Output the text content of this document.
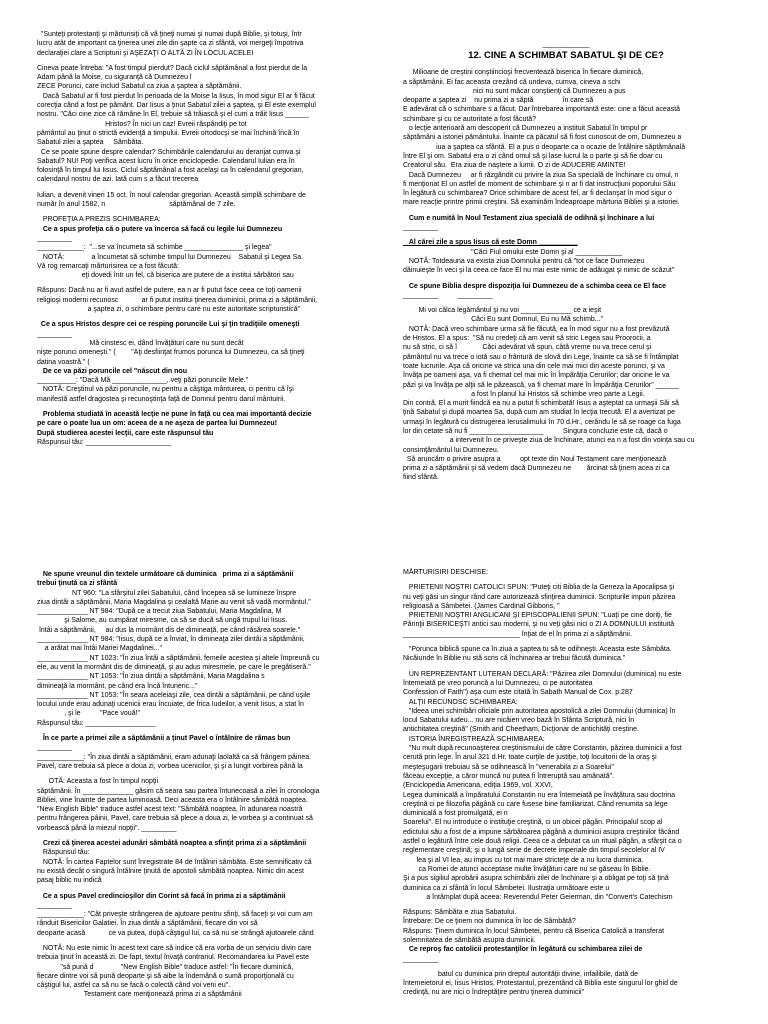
"Sunteţi protestanţi şi mărturisiţi că vă ţineţi numai şi numai după Biblie, şi totuşi, într
lucru atât de important ca ţinerea unei zile din şapte ca zi sfântă, voi mergeţi împotriva
declaraţiei clare a Scripturii şi AŞEZAŢI O ALTĂ ZI ÎN LOCUL ACELEI
Cineva poate întreba: "A fost timpul pierdut? Dacă ciclul săptămânal a fost pierdut de la
Adam până la Moise, cu siguranţă că Dumnezeu l
ZECE Porunci, care includ Sabatul ca ziua a şaptea a săptămânii.
Dacă Sabatul ar fi fost pierdut în perioada de la Moise la Iisus, în mod sigur El ar fi făcut
corecţia când a fost pe pământ. Dar Iisus a ţinut Sabatul zilei a şaptea, şi El este exemplul
nostru. "Căci cine zice că rămâne în El, trebuie să trăiască şi el cum a trăit Iisus ______
Hristos? În nici un caz! Evreii răspândiţi pe tot
pământul au ţinut o strictă evidenţă a timpului. Evreii ortodocşi se mai închină încă în
Sabatul zilei a şaptea     Sâmbăta.
Ce se poate spune despre calendar? Schimbările calendarului au deranjat cumva şi
Sabatul? NU! Poţi verifica acest lucru în orice enciclopedie. Calendarul Iulian era în
folosinţă în timpul lui Iisus. Ciclul săptămânal a fost acelaşi ca în calendarul gregorian,
calendarul nostru de azi. Iată cum s a făcut trecerea
Iulian, a devenit vineri 15 oct. în noul calendar gregorian. Această simplă schimbare de
număr în anul 1582, n                                 săptămânal de 7 zile.
PROFEŢIA A PREZIS SCHIMBAREA:
Ce a spus profeţia că o putere va încerca să facă cu legile lui Dumnezeu
_________
____________:  "...se va încumeta să schimbe _______________ şi legea"
NOTĂ:              a încumetat să schimbe timpul lui Dumnezeu    Sabatul şi Legea Sa.
Vă rog remarcaţi mărturisirea ce a fost făcută:
eţi dovedi într un fel, că biserica are putere de a institui sărbători sau
Răspuns: Dacă nu ar fi avut astfel de putere, ea n ar fi putut face ceea ce toţi oamenii
religioşi moderni recunosc            ar fi putut institui ţinerea duminicii, prima zi a săptămânii,
a şaptea zi, o schimbare pentru care nu este autoritate scripturistică"
Ce a spus Hristos despre cei ce resping poruncile Lui şi ţin tradiţiile omeneşti
_________
Mă cinstesc ei, dând învăţături care nu sunt decât
nişte porunci omeneşti." (        "Aţi desfiinţat frumos porunca lui Dumnezeu, ca să ţineţi
datina voastră." (
De ce va păzi poruncile cel "născut din nou
__________: "Dacă Mă ______________, veţi păzi poruncile Mele."
NOTĂ: Creştinul va păzi poruncile, nu pentru a câştiga mântuirea, ci pentru că îşi
manifestă astfel dragostea şi recunoştinţa faţă de Domnul pentru darul mântuirii.
Problema studiată în această lecţie ne pune în faţă cu cea mai importantă decizie
pe care o poate lua un om: aceea de a ne aşeza de partea lui Dumnezeu!
După studierea acestei lecţii, care este răspunsul tău
Răspunsul tău: ______________________
____________
12. CINE A SCHIMBAT SABATUL ŞI DE CE?
Milioane de creştini conştiincioşi frecventează biserica în fiecare duminică,
a săptămânii. Ei fac aceasta crezând că undeva, cumva, cineva a schi
nici nu sunt măcar conştienţi că Dumnezeu a pus
deoparte a şaptea zi    nu prima zi a săptă               în care să
E adevărat că o schimbare s a făcut. Dar întrebarea importantă este: cine a făcut această
schimbare şi cu ce autoritate a fost făcută?
o lecţie anterioară am descoperit că Dumnezeu a instituit Sabatul în timpul pr
săptămâni a istoriei pământului. Înainte ca păcatul să fi fost cunoscut de om, Dumnezeu a
iua a şaptea ca sfântă. El a pus o deoparte ca o ocazie de întâlnire săptămânală
între El şi om. Sabatul era o zi când omul să şi lase lucrul la o parte şi să fie doar cu
Creatorul său.  Era ziua de naştere a lumii. O zi de ADUCERE AMINTE!
Dacă Dumnezeu     ar fi răzgândit cu privire la ziua Sa specială de închinare cu omul, n
fi menţionat El un astfel de moment de schimbare şi n ar fi dat instrucţiuni poporului Său
în legătură cu schimbarea? Orice schimbare de acest fel, ar fi declanşat în mod sigur o
mare reacţie printre primii creştini. Să examinăm îndeaproape mărturia Bibliei şi a istoriei.
Cum e numită în Noul Testament ziua specială de odihnă şi închinare a lui
_________
Al cărei zile a spus Iisus că este Domn __________
"Căci Fiul omului este Domn şi al ____________
NOTĂ: Totdeauna va exista ziua Domnului pentru că "tot ce face Dumnezeu
dăinuieşte în veci şi la ceea ce face El nu mai este nimic de adăugat şi nimic de scăzut"
Ce spune Biblia despre dispoziţia lui Dumnezeu de a schimba ceea ce El face
_________          _________
Mi voi călca legământul şi nu voi _____________ ce a ieşit
Căci Eu sunt Domnul, Eu nu Mă schimb..."
NOTĂ: Dacă vreo schimbare urma să fie făcută, ea în mod sigur nu a fost prevăzută
de Hristos. El a spus:  "Să nu credeţi că am venit să stric Legea sau Proorocii, a
nu să stric, ci să î             Căci adevărat vă spun, câtă vreme nu va trece cerul şi
pământul nu va trece o iotă sau o frântură de slovă din Lege, înainte ca să se fi întâmplat
toate lucrurile. Aşa că oricine va strica una din cele mai mici din aceste porunci, şi va
învăţa pe oameni aşa, va fi chemat cel mai mic în Împărăţia Cerurilor; dar oricine le va
păzi şi va învăţa pe alţii să le păzească, va fi chemat mare în Împărăţia Cerurilor" ______
a fost în planul lui Hristos să schimbe vreo parte a Legii.
Din contră, El a murit fiindcă ea nu a putut fi schimbată! Iisus a aşteptat ca urmaşii Săi să
ţină Sabatul şi după moartea Sa, după cum am studiat în lecţia trecută: El a avertizat pe
urmaşi în legătură cu distrugerea Ierusalimului în 70 d.Hr., cerându le să se roage ca fuga
lor din cetate să nu fi ___________________          Singura concluzie este că, dacă o
a intervenit în ce priveşte ziua de închinare, atunci ea n a fost din voinţa sau cu
consimţământul lui Dumnezeu.
Să aruncăm o privire asupra a          opt texte din Noul Testament care menţionează
prima zi a săptămânii şi să vedem dacă Dumnezeu ne        ărcinat să ţinem acea zi ca
fiind sfântă.
Ne spune vreunul din textele următoare că duminica   prima zi a săptămânii
trebui ţinută ca zi sfântă
NT 960: "La sfârşitul zilei Sabatului, când începea să se lumineze înspre
ziua dintâi a săptămânii, Maria Magdalina şi cealaltă Marie au venit să vadă mormântul."
_____________ NT 984: "După ce a trecut ziua Sabatului, Maria Magdalina, M
şi Salome, au cumpărat miresme, ca să se ducă să ungă trupul lui Iisus.
întâi a săptămânii,     au dus la mormânt dis de dimineaţă, pe când răsărea soarele."
_____________ NT 984: "Iisus, după ce a înviat, în dimineaţa zilei dintâi a săptămânii,
a arătat mai întâi Mariei Magdalinei..."
_____________ NT 1023: "În ziua întâi a săptămânii, femeile acestea şi altele împreună cu
ele, au venit la mormânt dis de dimineaţă, şi au adus miresmele, pe care le pregătiseră."
_____________ NT 1053: "În ziua dintâi a săptămânii, Maria Magdalina s
dimineaţă la mormânt, pe când era încă întuneric..."
_____________ NT 1053: "În seara aceleiaşi zile, cea dintâi a săptămânii, pe când uşile
locului unde erau adunaţi ucenicii erau încuiate, de frica Iudeilor, a venit Iisus, a stat în
, şi le          "Pace vouă!"
Răspunsul tău: __________________
În ce parte a primei zile a săptămânii a ţinut Pavel o întâlnire de rămas bun
_________
____________: "În ziua dintâi a săptămânii, eram adunaţi laolaltă ca să frângem pâinea.
Pavel, care trebuia să plece a doua zi, vorbea ucenicilor, şi şi a lungit vorbirea până la
OTĂ: Aceasta a fost în timpul nopţii
săptămânii. În _____________ găsim că seara sau partea întunecoasă a zilei în cronologia
Bibliei, vine înainte de partea luminoasă. Deci aceasta era o întâlnire sâmbătă noaptea.
"New English Bible" traduce astfel acest text: "Sâmbătă noaptea, în adunarea noastră
pentru frângerea pâinii, Pavel, care trebuia să plece a doua zi, le vorbea şi a continuat să
vorbească până la miezul nopţii". _________
Crezi că ţinerea acestei adunări sâmbătă noaptea a sfinţit prima zi a săptămânii
Răspunsul tău:
NOTĂ: În cartea Faptelor sunt înregistrate 84 de întâlniri sâmbăta. Este semnificativ că
nu există decât o singură întâlnire ţinută de apostoli sâmbătă noaptea. Nimic din acest
pasaj biblic nu indică
Ce a spus Pavel credincioşilor din Corint să facă în prima zi a săptămânii
_________
____________: "Cât priveşte strângerea de ajutoare pentru sfinţi, să faceţi şi voi cum am
rânduit Bisericilor Galatiei. În ziua dintâi a săptămânii, fiecare din voi să
deoparte acasă            ce va putea, după câştigul lui, ca să nu se strângă ajutoarele când
NOTĂ: Nu este nimic în acest text care să indice că era vorba de un serviciu divin care
trebuia ţinut în această zi. De fapt, textul învaţă contrariul. Recomandarea lui Pavel este
"să pună d              "New English Bible" traduce astfel: "În fiecare duminică,
fiecare dintre voi să pună deoparte şi să aibe la îndemână o sumă proporţională cu
câştigul lui, astfel ca să nu se facă o colectă când voi veni eu".
Testament care menţionează prima zi a săptămânii
MĂRTURISIRI DESCHISE:
PRIETENII NOŞTRI CATOLICI SPUN: "Puteţi citi Biblia de la Geneza la Apocalipsa şi
nu veţi găsi un singur rând care autorizează sfinţirea duminicii. Scripturile impun păzirea
religioasă a Sâmbetei. (James Cardinal Gibbons, "
PRIETENII NOŞTRI ANGLICANI ŞI EPISCOPALIENII SPUN: "Luaţi pe cine doriţi, fie
Părinţii BISERICEŞTI antici sau moderni, şi nu veţi găsi nici o ZI A DOMNULUI instituită
______________________________ înţiat de el în prima zi a săptămânii.
"Porunca biblică spune ca în ziua a şaptea tu să te odihneşti. Aceasta este Sâmbăta.
Nicăiunde în Biblie nu stă scris că închinarea ar trebui făcută duminica."
UN REPREZENTANT LUTERAN DECLARĂ: "Păzirea zilei Domnului (duminica) nu este
întemeiată pe vreo poruncă a lui Dumnezeu, ci pe autoritatea
Confession of Faith") aşa cum este citată în Sabath Manual de Cox. p.287
ALŢII RECUNOSC SCHIMBAREA:
"Ideea unei schimbări oficiale prin autoritatea apostolică a zilei Domnului (duminica) în
locul Sabatului iudeu... nu are nicăieri vreo bază în Sfânta Scriptură, nici în
antichitatea creştină" (Smith and Cheetham, Dicţionar de antichităţi creştine.
ISTORIA ÎNREGISTREAZĂ SCHIMBAREA:
"Nu mult după recunoaşterea creştinismului de către Constantin, păzirea duminicii a fost
cerută prin lege. În anul 321 d.Hr. toate curţile de justiţie, toţi locuitorii de la oraş şi
meşteşugarii trebuiau să se odihnească în "venerabila zi a Soarelui"
făceau excepţie, a căror muncă nu putea fi întreruptă sau amânată".
(Enciclopedia Americana, ediţia 1969, vol. XXVI,
Legea duminicală a împăratului Constantin nu era întemeiată pe învăţătura sau doctrina
creştină ci pe filozofia păgână cu care fusese bine familiarizat. Când renumita sa lege
duminicală a fost promulgată, ei n
Soarelui". El nu introduce o instituţie creştină, ci un obicei păgân. Principalul scop al
edictului său a fost de a impune sărbătoarea păgână a duminicii asupra creştinilor făcând
astfel o legătură între cele două religii. Ceea ce a debutat ca un ritual păgân, a sfârşit ca o
reglementare creştină; şi o lungă serie de decrete imperiale din timpul secolelor al IV
lea şi al VI lea, au impus cu tot mai mare stricteţe de a nu lucra duminica.
ca Romei de atunci acceptase multe învăţături care nu se găseau în Biblie.
Şi a pus sigiliul aprobării asupra schimbării zilei de închinare şi a obligat pe toţi să ţină
duminica ca zi sfântă în locul Sâmbetei. Ilustraţia următoare este u
a întâmplat după aceea: Reverendul Peter Geierman, din "Convert's Catechism
Răspuns: Sâmbăta e ziua Sabatului.
Întrebare: De ce ţinem noi duminica în loc de Sâmbătă?
Răspuns: Ţinem duminica în locul Sâmbetei, pentru că Biserica Catolică a transferat
solemnitatea de sâmbătă asupra duminicii.
Ce reproş fac catolicii protestanţilor în legătură cu schimbarea zilei de
_________
batul cu duminica prin dreptul autorităţii divine, infailibile, dată de
întemeietorul ei, Iisus Hristos. Protestantul, prezentând că Biblia este singurul lor ghid de
credinţă, nu are nici o îndreptăţire pentru ţinerea duminicii"
